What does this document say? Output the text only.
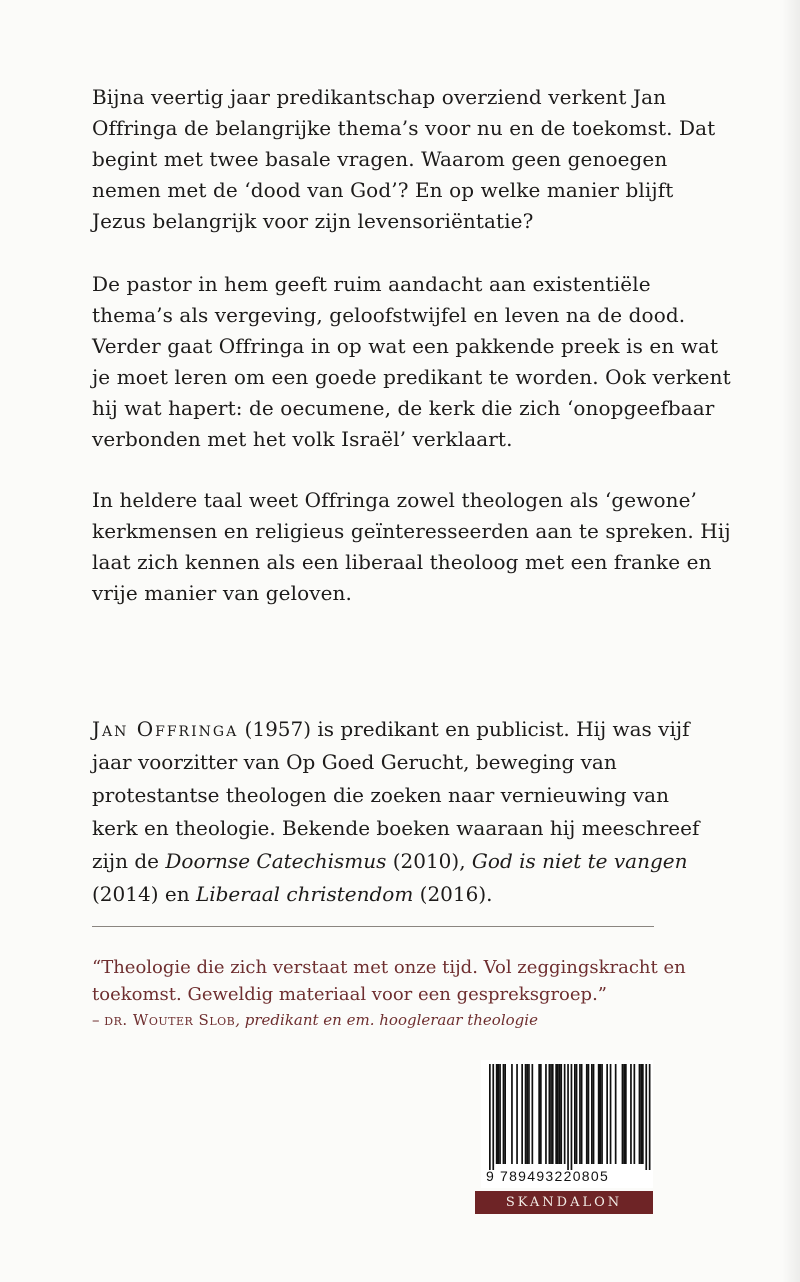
Bijna veertig jaar predikantschap overziend verkent Jan Offringa de belangrijke thema’s voor nu en de toekomst. Dat begint met twee basale vragen. Waarom geen genoegen nemen met de ‘dood van God’? En op welke manier blijft Jezus belangrijk voor zijn levensoriëntatie?

De pastor in hem geeft ruim aandacht aan existentiële thema’s als vergeving, geloofstwijfel en leven na de dood. Verder gaat Offringa in op wat een pakkende preek is en wat je moet leren om een goede predikant te worden. Ook verkent hij wat hapert: de oecumene, de kerk die zich ‘onopgeefbaar verbonden met het volk Israël’ verklaart.

In heldere taal weet Offringa zowel theologen als ‘gewone’ kerkmensen en religieus geïnteresseerden aan te spreken. Hij laat zich kennen als een liberaal theoloog met een franke en vrije manier van geloven.

Jan Offringa (1957) is predikant en publicist. Hij was vijf jaar voorzitter van Op Goed Gerucht, beweging van protestantse theologen die zoeken naar vernieuwing van kerk en theologie. Bekende boeken waaraan hij meeschreef zijn de Doornse Catechismus (2010), God is niet te vangen (2014) en Liberaal christendom (2016).
“Theologie die zich verstaat met onze tijd. Vol zeggingskracht en toekomst. Geweldig materiaal voor een gespreksgroep.”
– dr. Wouter Slob, predikant en em. hoogleraar theologie
9 789493220805
SKANDALON
